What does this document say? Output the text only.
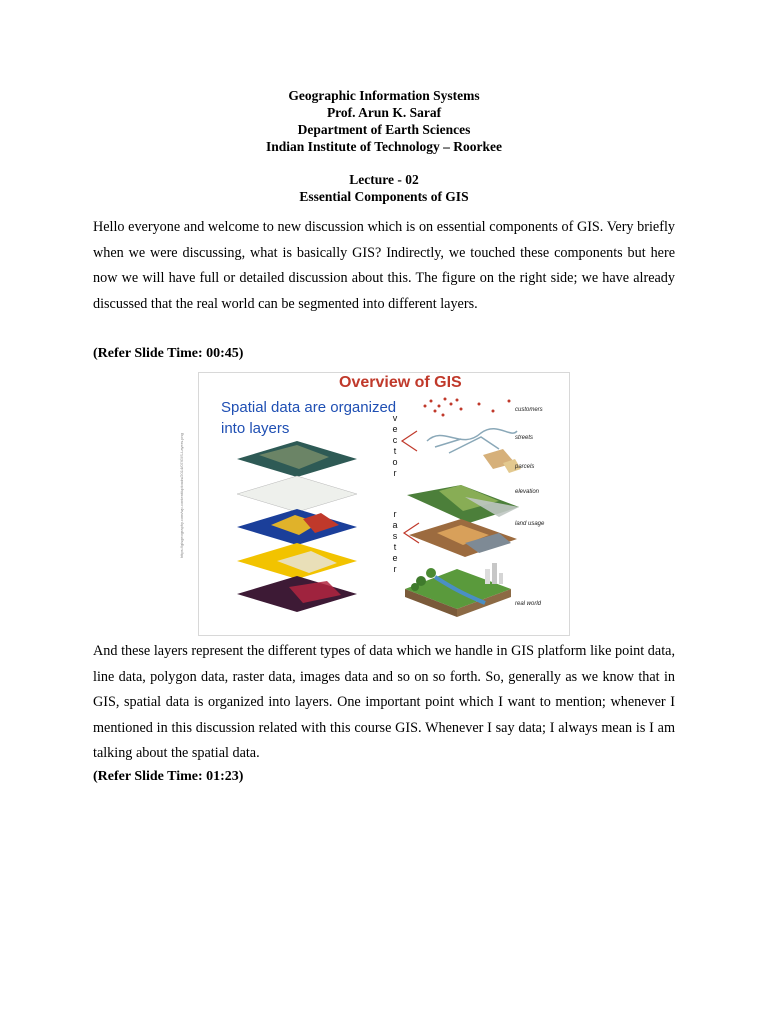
Geographic Information Systems
Prof. Arun K. Saraf
Department of Earth Sciences
Indian Institute of Technology – Roorkee
Lecture - 02
Essential Components of GIS
Hello everyone and welcome to new discussion which is on essential components of GIS. Very briefly when we were discussing, what is basically GIS? Indirectly, we touched these components but here now we will have full or detailed discussion about this. The figure on the right side; we have already discussed that the real world can be segmented into different layers.
(Refer Slide Time: 00:45)
Overview of GIS
Spatial data are organized
into layers
https://gisgeography.com/wp-content/uploads/2014/07/GIS-Layers.png
v
e
c
t
o
r
r
a
s
t
e
r
customers
streets
parcels
elevation
land usage
real world
And these layers represent the different types of data which we handle in GIS platform like point data, line data, polygon data, raster data, images data and so on so forth. So, generally as we know that in GIS, spatial data is organized into layers. One important point which I want to mention; whenever I mentioned in this discussion related with this course GIS. Whenever I say data; I always mean is I am talking about the spatial data.
(Refer Slide Time: 01:23)
